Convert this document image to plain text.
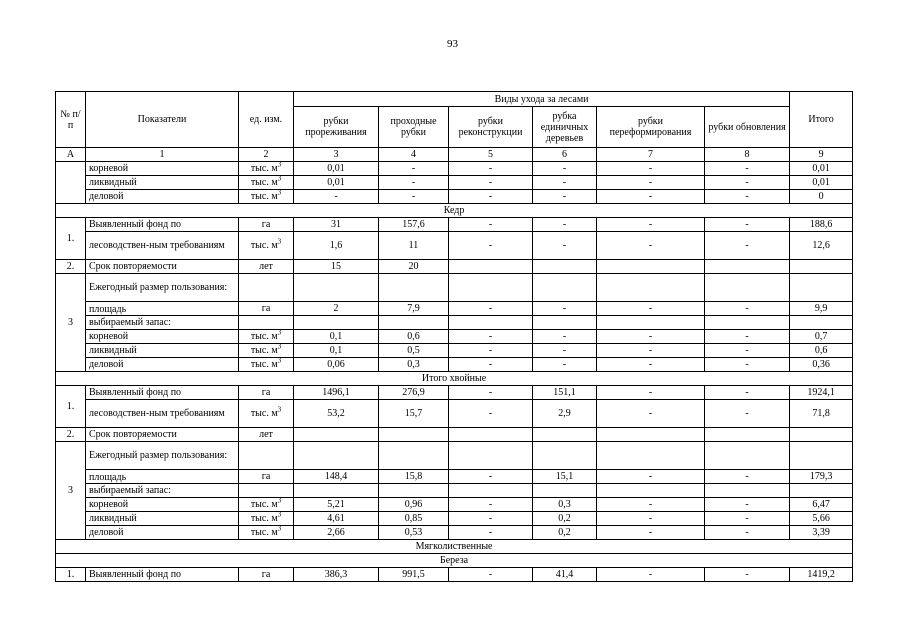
93
№ п/п	Показатели	ед. изм.	Виды ухода за лесами						Итого
			рубки прореживания	проходные рубки	рубки реконструкции	рубка единичных деревьев	рубки переформирования	рубки обновления	
А	1	2	3	4	5	6	7	8	9
	корневой	тыс. $м^3$	0,01	-	-	-	-	-	0,01
	ликвидный	тыс. $м^3$	0,01	-	-	-	-	-	0,01
	деловой	тыс. $м^3$	-	-	-	-	-	-	0
Кедр									
1.	Выявленный фонд по	га	31	157,6	-	-	-	-	188,6
	лесоводствен-ным требованиям	тыс. $м^3$	1,6	11	-	-	-	-	12,6
2.	Срок повторяемости	лет	15	20					
3	Ежегодный размер пользования:								
	площадь	га	2	7,9	-	-	-	-	9,9
	выбираемый запас:								
	корневой	тыс. $м^3$	0,1	0,6	-	-	-	-	0,7
	ликвидный	тыс. $м^3$	0,1	0,5	-	-	-	-	0,6
	деловой	тыс. $м^3$	0,06	0,3	-	-	-	-	0,36
Итого хвойные									
1.	Выявленный фонд по	га	1496,1	276,9	-	151,1	-	-	1924,1
	лесоводствен-ным требованиям	тыс. $м^3$	53,2	15,7	-	2,9	-	-	71,8
2.	Срок повторяемости	лет							
3	Ежегодный размер пользования:								
	площадь	га	148,4	15,8	-	15,1	-	-	179,3
	выбираемый запас:								
	корневой	тыс. $м^3$	5,21	0,96	-	0,3	-	-	6,47
	ликвидный	тыс. $м^3$	4,61	0,85	-	0,2	-	-	5,66
	деловой	тыс. $м^3$	2,66	0,53	-	0,2	-	-	3,39
Мягколиственные									
Береза									
1.	Выявленный фонд по	га	386,3	991,5	-	41,4	-	-	1419,2
